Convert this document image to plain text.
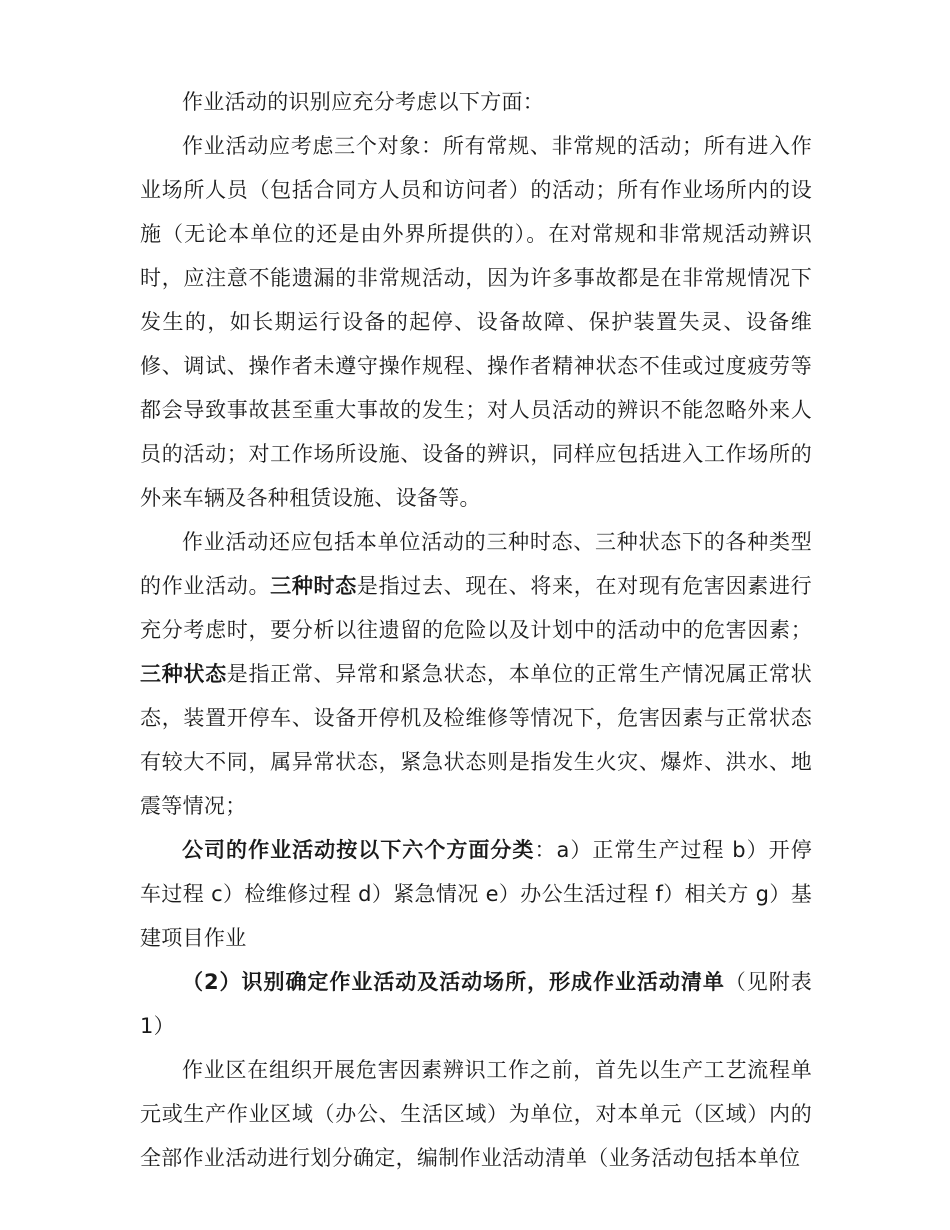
作业活动的识别应充分考虑以下方面：

作业活动应考虑三个对象：所有常规、非常规的活动；所有进入作业场所人员（包括合同方人员和访问者）的活动；所有作业场所内的设施（无论本单位的还是由外界所提供的）。在对常规和非常规活动辨识时，应注意不能遗漏的非常规活动，因为许多事故都是在非常规情况下发生的，如长期运行设备的起停、设备故障、保护装置失灵、设备维修、调试、操作者未遵守操作规程、操作者精神状态不佳或过度疲劳等都会导致事故甚至重大事故的发生；对人员活动的辨识不能忽略外来人员的活动；对工作场所设施、设备的辨识，同样应包括进入工作场所的外来车辆及各种租赁设施、设备等。

作业活动还应包括本单位活动的三种时态、三种状态下的各种类型的作业活动。三种时态是指过去、现在、将来，在对现有危害因素进行充分考虑时，要分析以往遗留的危险以及计划中的活动中的危害因素；三种状态是指正常、异常和紧急状态，本单位的正常生产情况属正常状态，装置开停车、设备开停机及检维修等情况下，危害因素与正常状态有较大不同，属异常状态，紧急状态则是指发生火灾、爆炸、洪水、地震等情况；

公司的作业活动按以下六个方面分类：a）正常生产过程 b）开停车过程 c）检维修过程 d）紧急情况 e）办公生活过程 f）相关方 g）基建项目作业

（2）识别确定作业活动及活动场所，形成作业活动清单（见附表 1）

作业区在组织开展危害因素辨识工作之前，首先以生产工艺流程单元或生产作业区域（办公、生活区域）为单位，对本单元（区域）内的全部作业活动进行划分确定，编制作业活动清单（业务活动包括本单位
